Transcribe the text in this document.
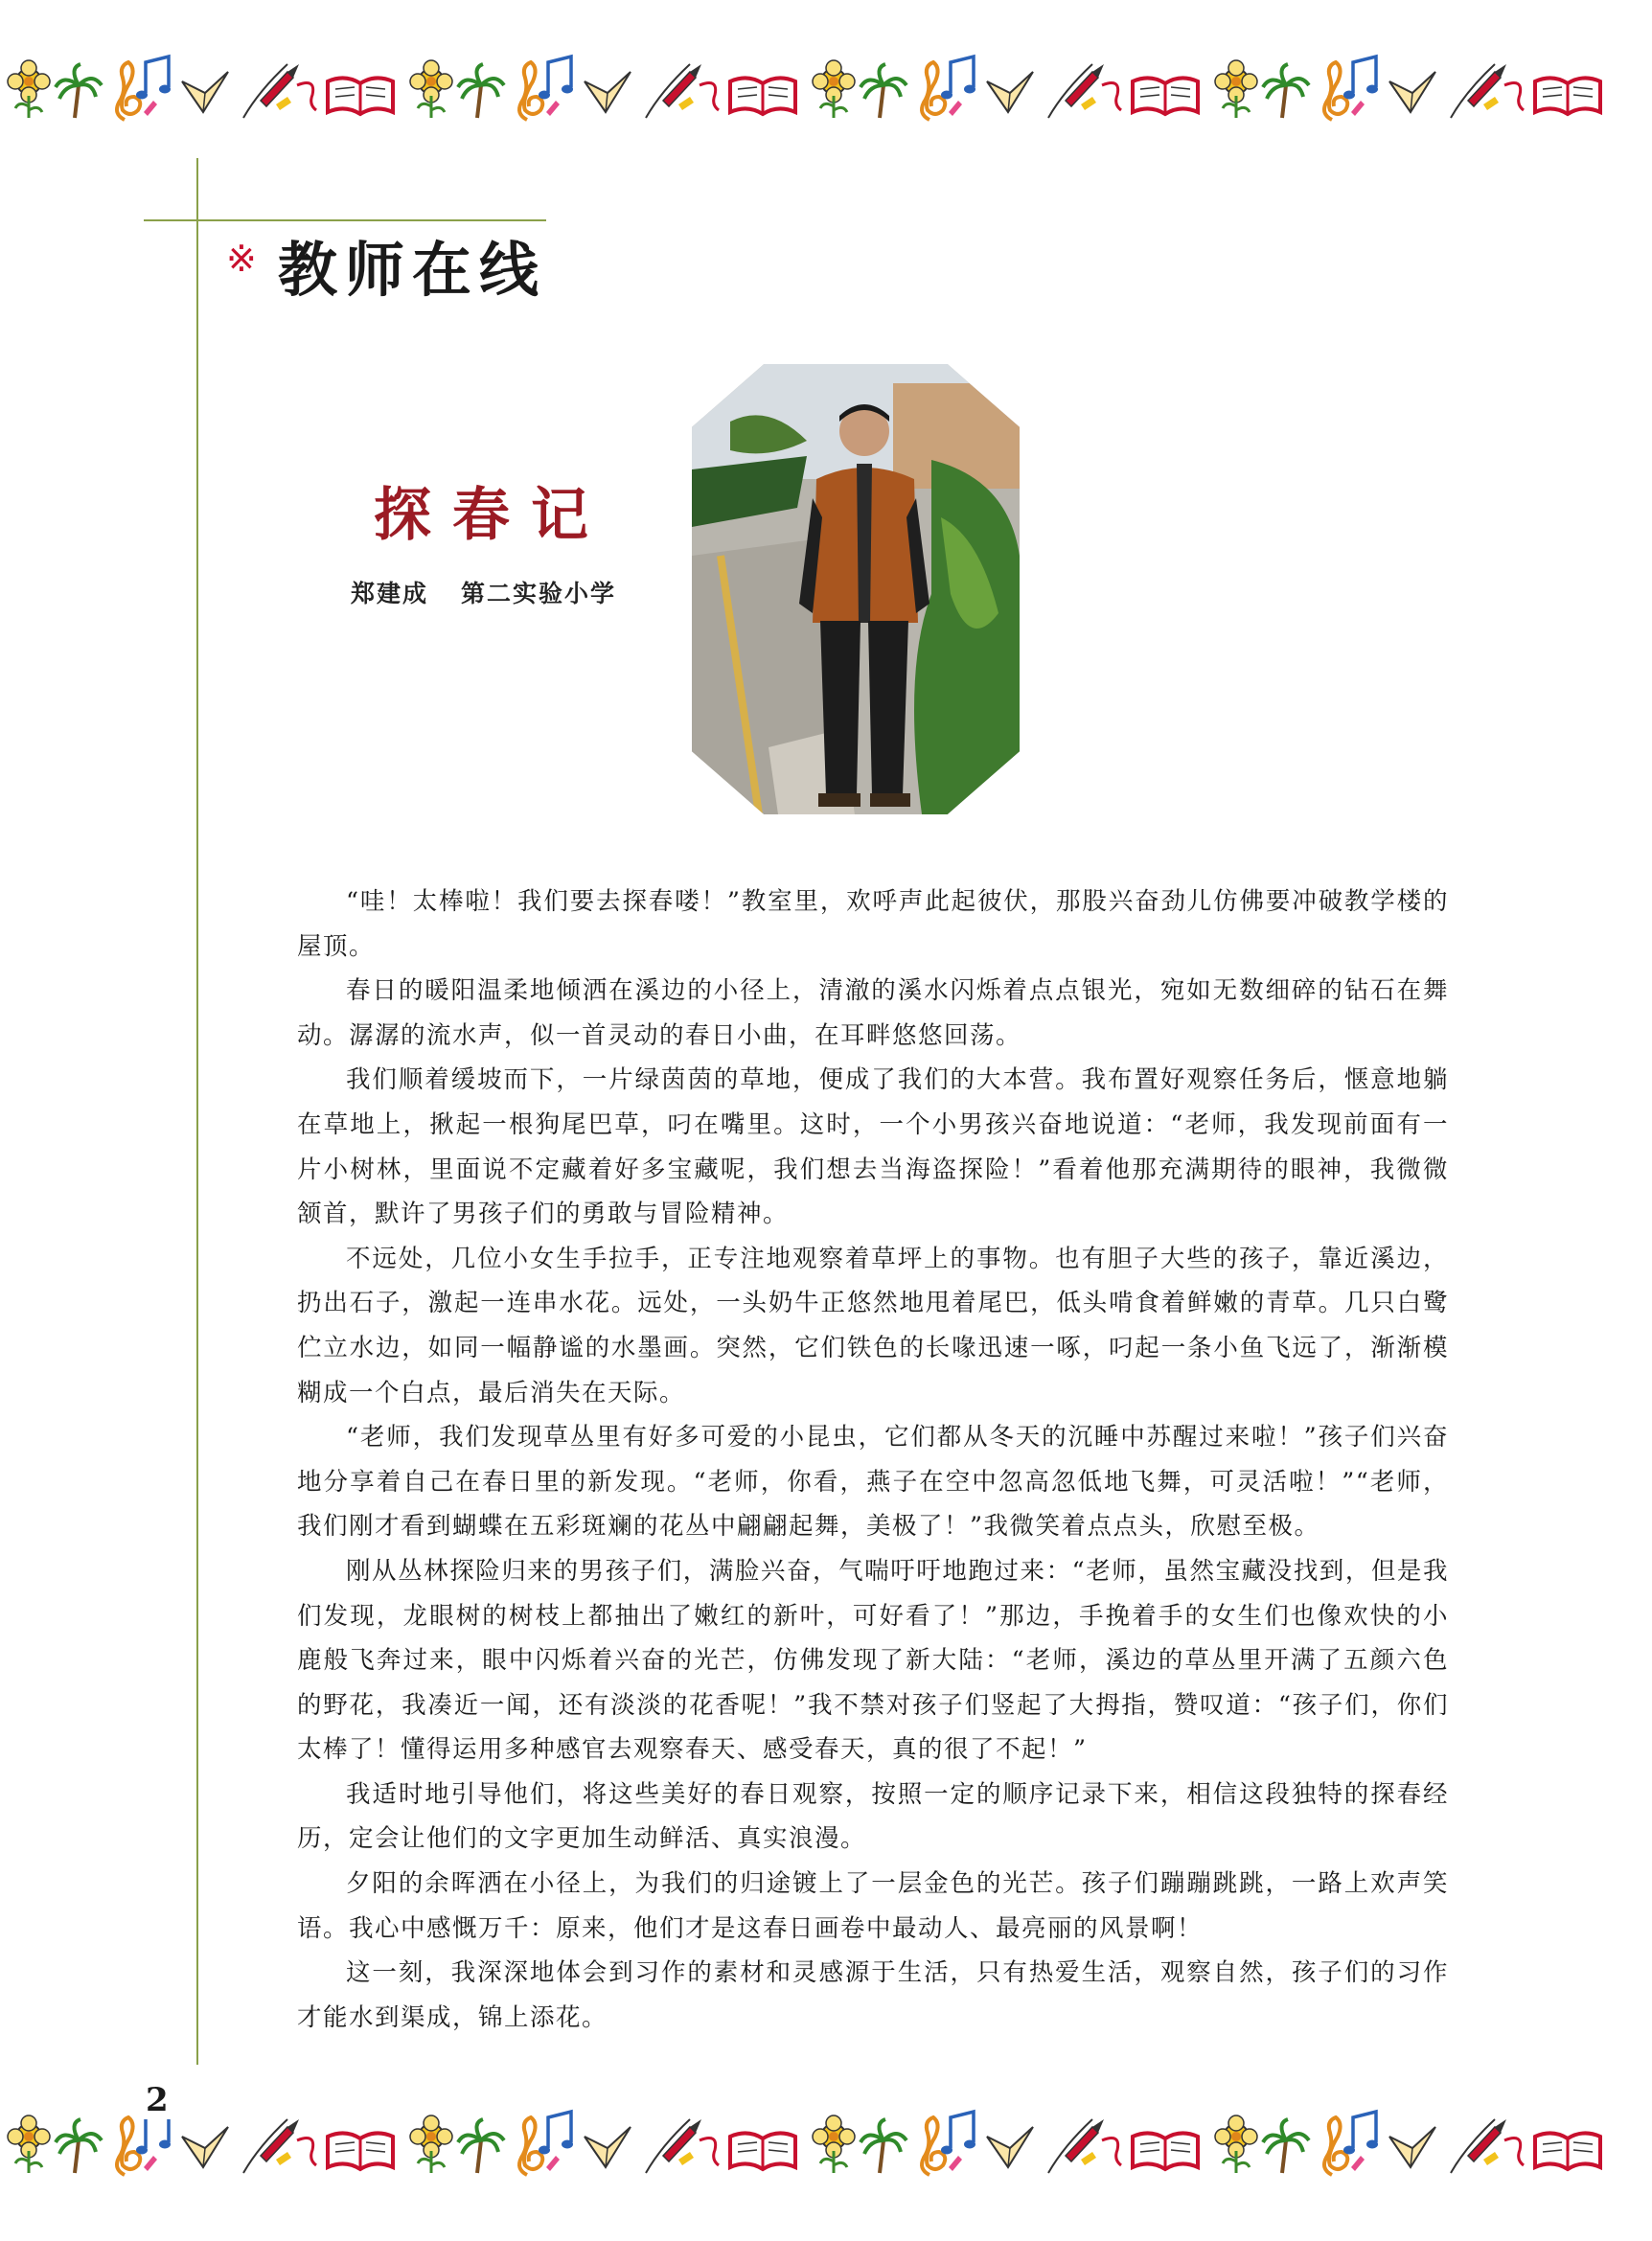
※ 教师在线
探春记
郑建成 第二实验小学

“哇！太棒啦！我们要去探春喽！”教室里，欢呼声此起彼伏，那股兴奋劲儿仿佛要冲破教学楼的屋顶。

春日的暖阳温柔地倾洒在溪边的小径上，清澈的溪水闪烁着点点银光，宛如无数细碎的钻石在舞动。潺潺的流水声，似一首灵动的春日小曲，在耳畔悠悠回荡。

我们顺着缓坡而下，一片绿茵茵的草地，便成了我们的大本营。我布置好观察任务后，惬意地躺在草地上，揪起一根狗尾巴草，叼在嘴里。这时，一个小男孩兴奋地说道：“老师，我发现前面有一片小树林，里面说不定藏着好多宝藏呢，我们想去当海盗探险！”看着他那充满期待的眼神，我微微颔首，默许了男孩子们的勇敢与冒险精神。

不远处，几位小女生手拉手，正专注地观察着草坪上的事物。也有胆子大些的孩子，靠近溪边，扔出石子，激起一连串水花。远处，一头奶牛正悠然地甩着尾巴，低头啃食着鲜嫩的青草。几只白鹭伫立水边，如同一幅静谧的水墨画。突然，它们铁色的长喙迅速一啄，叼起一条小鱼飞远了，渐渐模糊成一个白点，最后消失在天际。

“老师，我们发现草丛里有好多可爱的小昆虫，它们都从冬天的沉睡中苏醒过来啦！”孩子们兴奋地分享着自己在春日里的新发现。“老师，你看，燕子在空中忽高忽低地飞舞，可灵活啦！”“老师，我们刚才看到蝴蝶在五彩斑斓的花丛中翩翩起舞，美极了！”我微笑着点点头，欣慰至极。

刚从丛林探险归来的男孩子们，满脸兴奋，气喘吁吁地跑过来：“老师，虽然宝藏没找到，但是我们发现，龙眼树的树枝上都抽出了嫩红的新叶，可好看了！”那边，手挽着手的女生们也像欢快的小鹿般飞奔过来，眼中闪烁着兴奋的光芒，仿佛发现了新大陆：“老师，溪边的草丛里开满了五颜六色的野花，我凑近一闻，还有淡淡的花香呢！”我不禁对孩子们竖起了大拇指，赞叹道：“孩子们，你们太棒了！懂得运用多种感官去观察春天、感受春天，真的很了不起！”

我适时地引导他们，将这些美好的春日观察，按照一定的顺序记录下来，相信这段独特的探春经历，定会让他们的文字更加生动鲜活、真实浪漫。

夕阳的余晖洒在小径上，为我们的归途镀上了一层金色的光芒。孩子们蹦蹦跳跳，一路上欢声笑语。我心中感慨万千：原来，他们才是这春日画卷中最动人、最亮丽的风景啊！

这一刻，我深深地体会到习作的素材和灵感源于生活，只有热爱生活，观察自然，孩子们的习作才能水到渠成，锦上添花。

2
